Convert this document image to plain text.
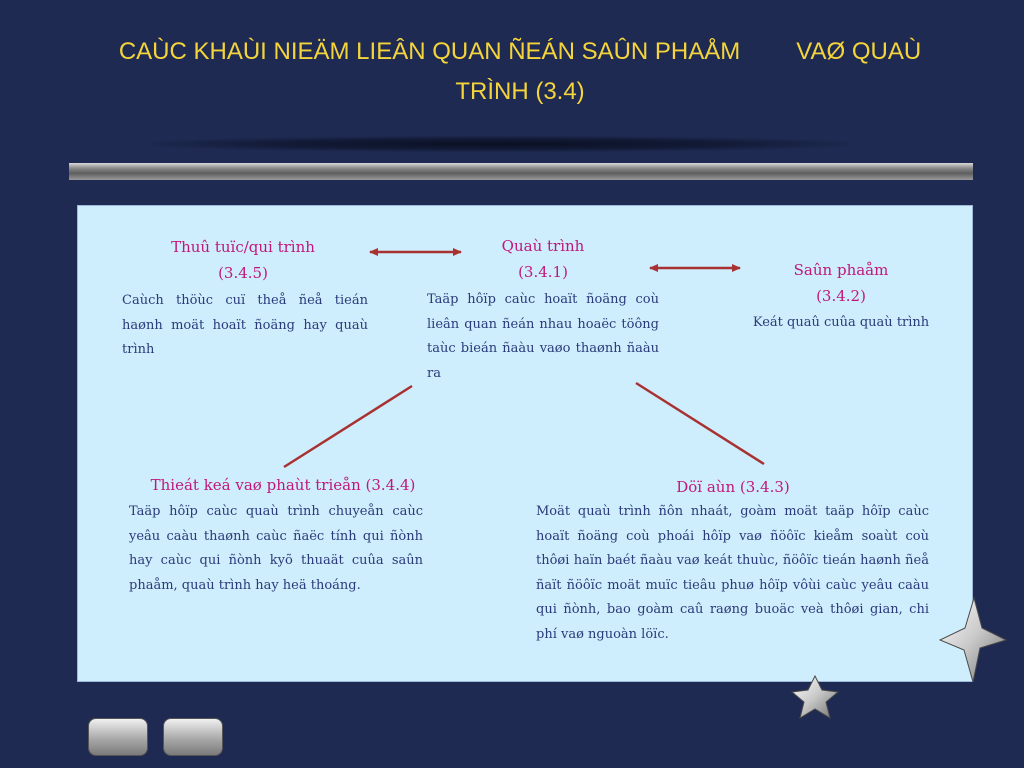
CAÙC KHAÙI NIEÄM LIEÂN QUAN ÑEÁN SAÛN PHAÅM VAØ QUAÙ
TRÌNH (3.4)
Thuû tuïc/qui trình
(3.4.5)
Caùch thöùc cuï theå ñeå tieán haønh moät hoaït ñoäng hay quaù trình
Quaù trình
(3.4.1)
Taäp hôïp caùc hoaït ñoäng coù lieân quan ñeán nhau hoaëc töông taùc bieán ñaàu vaøo thaønh ñaàu ra
Saûn phaåm
(3.4.2)
Keát quaû cuûa quaù trình
Thieát keá vaø phaùt trieån (3.4.4)
Taäp hôïp caùc quaù trình chuyeån caùc yeâu caàu thaønh caùc ñaëc tính qui ñònh hay caùc qui ñònh kyõ thuaät cuûa saûn phaåm, quaù trình hay heä thoáng.
Döï aùn (3.4.3)
Moät quaù trình ñôn nhaát, goàm moät taäp hôïp caùc hoaït ñoäng coù phoái hôïp vaø ñöôïc kieåm soaùt coù thôøi haïn baét ñaàu vaø keát thuùc, ñöôïc tieán haønh ñeå ñaït ñöôïc moät muïc tieâu phuø hôïp vôùi caùc yeâu caàu qui ñònh, bao goàm caû raøng buoäc veà thôøi gian, chi phí vaø nguoàn löïc.
